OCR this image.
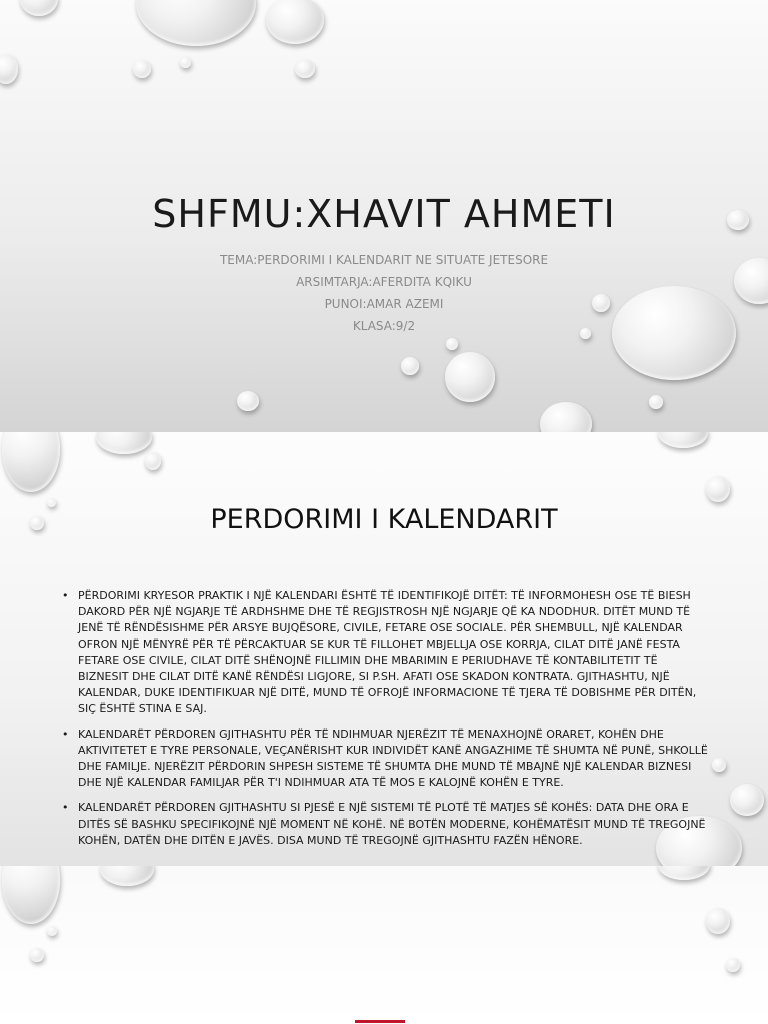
SHFMU:XHAVIT AHMETI
TEMA:PERDORIMI I KALENDARIT NE SITUATE JETESORE
ARSIMTARJA:AFERDITA KQIKU
PUNOI:AMAR AZEMI
KLASA:9/2
PERDORIMI I KALENDARIT
• PËRDORIMI KRYESOR PRAKTIK I NJË KALENDARI ËSHTË TË IDENTIFIKOJË DITËT: TË INFORMOHESH OSE TË BIESH DAKORD PËR NJË NGJARJE TË ARDHSHME DHE TË REGJISTROSH NJË NGJARJE QË KA NDODHUR. DITËT MUND TË JENË TË RËNDËSISHME PËR ARSYE BUJQËSORE, CIVILE, FETARE OSE SOCIALE. PËR SHEMBULL, NJË KALENDAR OFRON NJË MËNYRË PËR TË PËRCAKTUAR SE KUR TË FILLOHET MBJELLJA OSE KORRJA, CILAT DITË JANË FESTA FETARE OSE CIVILE, CILAT DITË SHËNOJNË FILLIMIN DHE MBARIMIN E PERIUDHAVE TË KONTABILITETIT TË BIZNESIT DHE CILAT DITË KANË RËNDËSI LIGJORE, SI P.SH. AFATI OSE SKADON KONTRATA. GJITHASHTU, NJË KALENDAR, DUKE IDENTIFIKUAR NJË DITË, MUND TË OFROJË INFORMACIONE TË TJERA TË DOBISHME PËR DITËN, SIÇ ËSHTË STINA E SAJ.
• KALENDARËT PËRDOREN GJITHASHTU PËR TË NDIHMUAR NJERËZIT TË MENAXHOJNË ORARET, KOHËN DHE AKTIVITETET E TYRE PERSONALE, VEÇANËRISHT KUR INDIVIDËT KANË ANGAZHIME TË SHUMTA NË PUNË, SHKOLLË DHE FAMILJE. NJERËZIT PËRDORIN SHPESH SISTEME TË SHUMTA DHE MUND TË MBAJNË NJË KALENDAR BIZNESI DHE NJË KALENDAR FAMILJAR PËR T'I NDIHMUAR ATA TË MOS E KALOJNË KOHËN E TYRE.
• KALENDARËT PËRDOREN GJITHASHTU SI PJESË E NJË SISTEMI TË PLOTË TË MATJES SË KOHËS: DATA DHE ORA E DITËS SË BASHKU SPECIFIKOJNË NJË MOMENT NË KOHË. NË BOTËN MODERNE, KOHËMATËSIT MUND TË TREGOJNË KOHËN, DATËN DHE DITËN E JAVËS. DISA MUND TË TREGOJNË GJITHASHTU FAZËN HËNORE.
